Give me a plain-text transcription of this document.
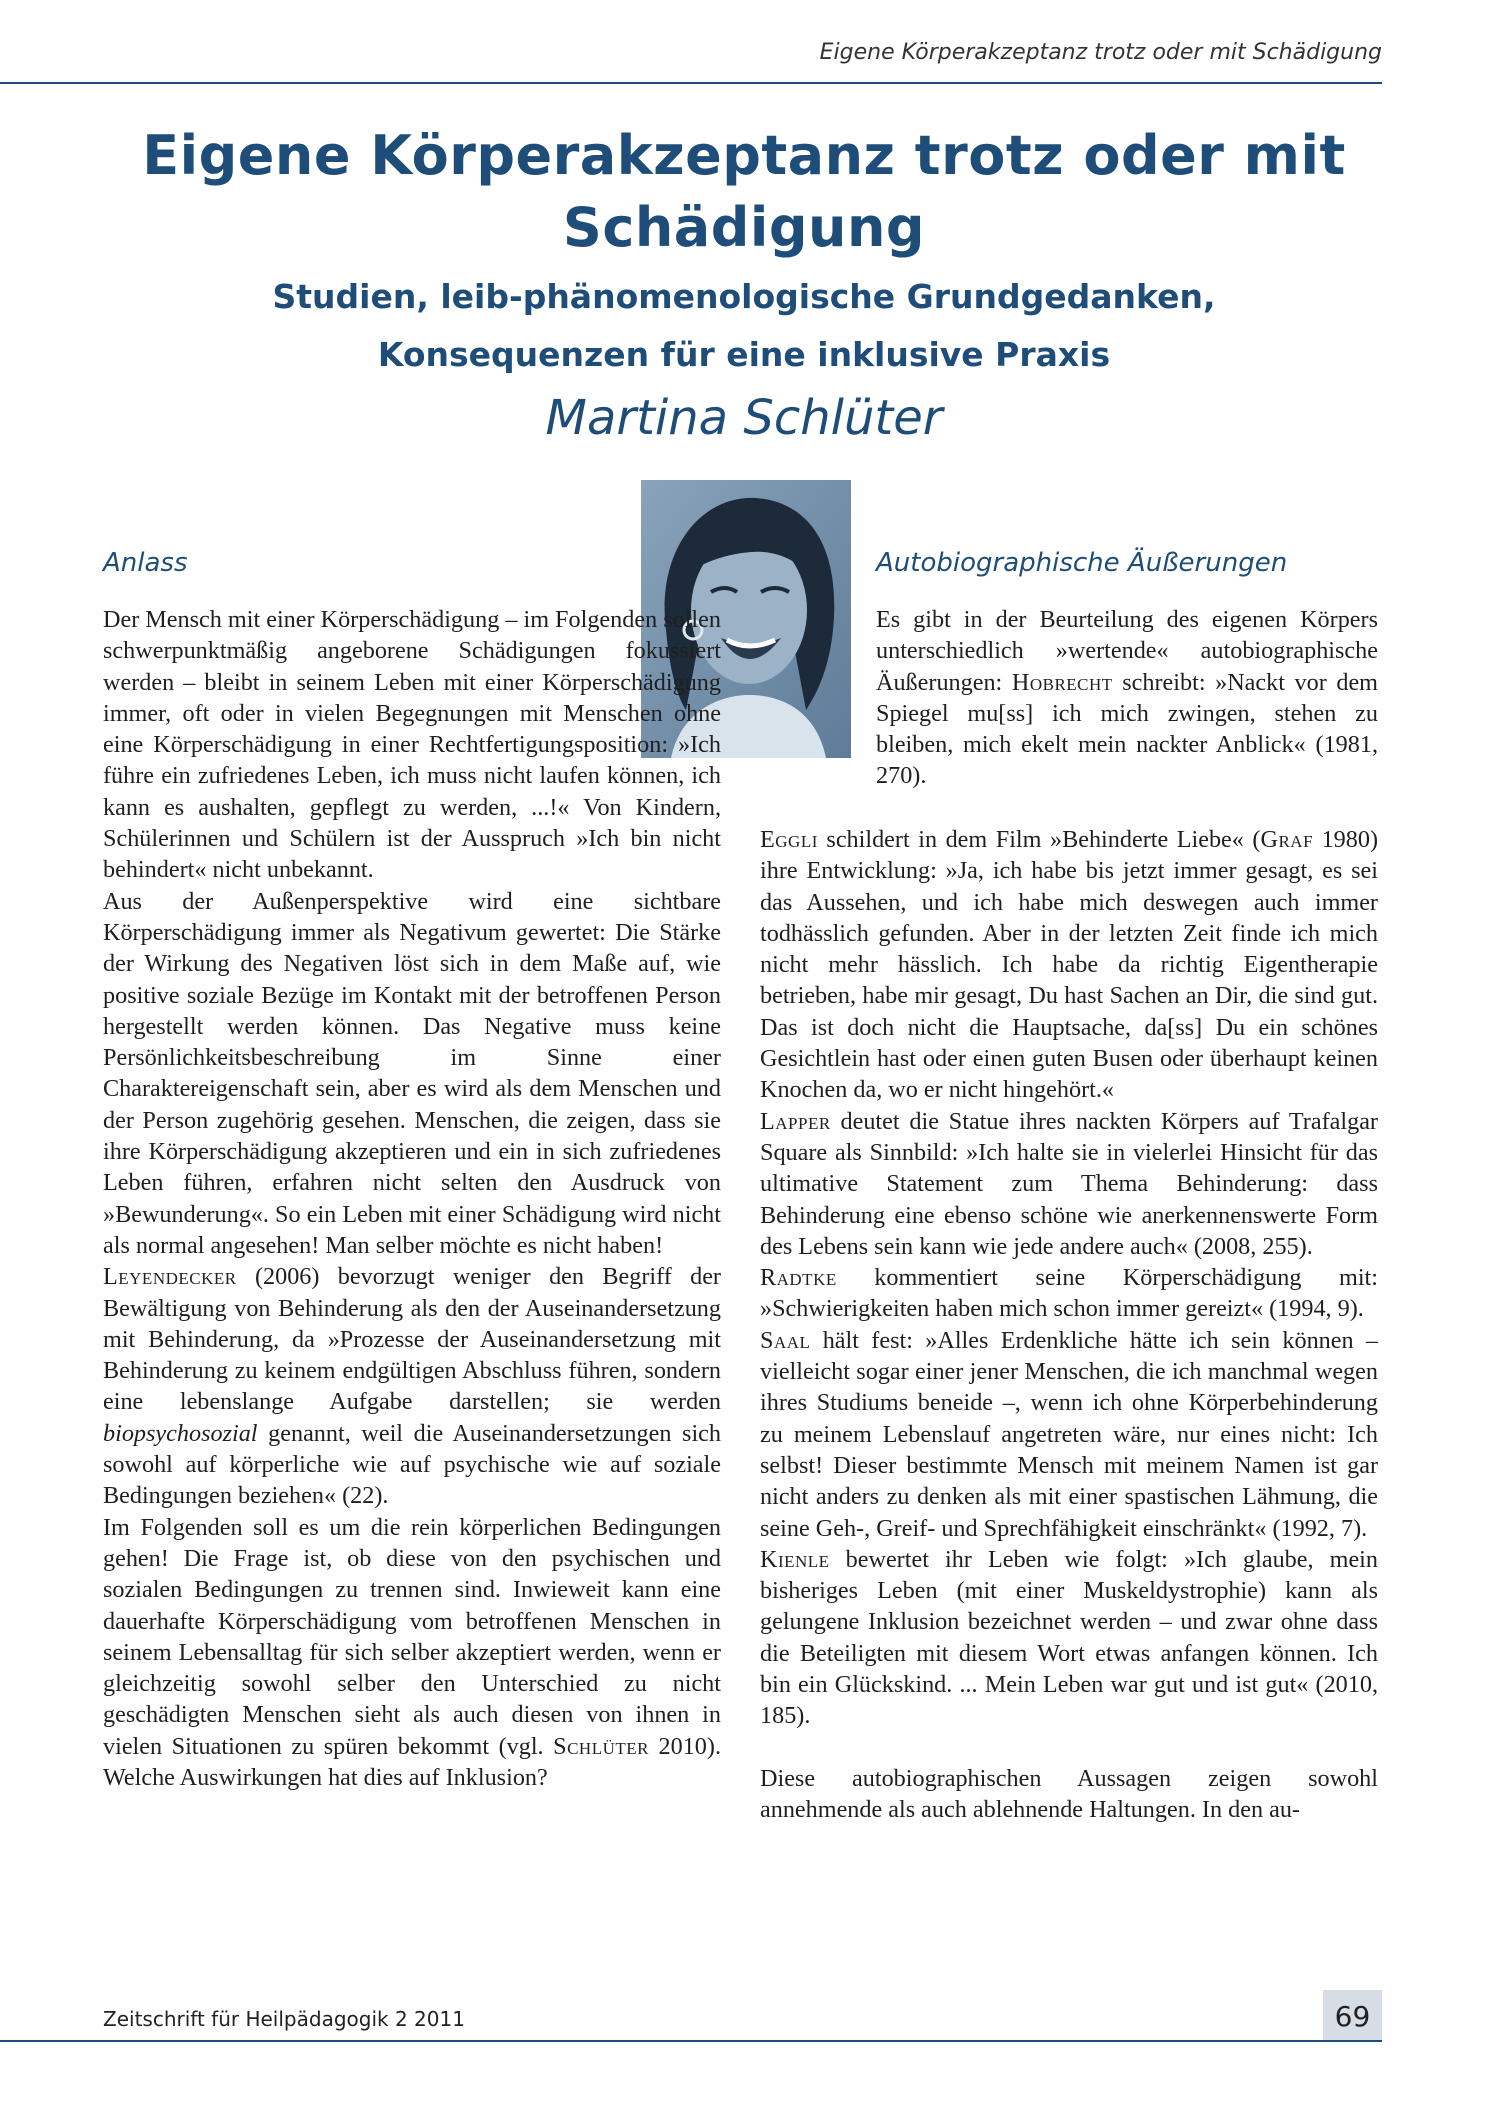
Eigene Körperakzeptanz trotz oder mit Schädigung
Eigene Körperakzeptanz trotz oder mit
Schädigung
Studien, leib-phänomenologische Grundgedanken,
Konsequenzen für eine inklusive Praxis
Martina Schlüter
Anlass	Autobiographische Äußerungen

Der Mensch mit einer Körperschädigung – im Folgenden sollen schwerpunktmäßig angeborene Schädigungen fokussiert werden – bleibt in seinem Leben mit einer Körperschädigung immer, oft oder in vielen Begegnungen mit Menschen ohne eine Körperschädigung in einer Rechtfertigungsposition: »Ich führe ein zufriedenes Leben, ich muss nicht laufen können, ich kann es aushalten, gepflegt zu werden, ...!« Von Kindern, Schülerinnen und Schülern ist der Ausspruch »Ich bin nicht behindert« nicht unbekannt.

Aus der Außenperspektive wird eine sichtbare Körperschädigung immer als Negativum gewertet: Die Stärke der Wirkung des Negativen löst sich in dem Maße auf, wie positive soziale Bezüge im Kontakt mit der betroffenen Person hergestellt werden können. Das Negative muss keine Persönlichkeitsbeschreibung im Sinne einer Charaktereigenschaft sein, aber es wird als dem Menschen und der Person zugehörig gesehen. Menschen, die zeigen, dass sie ihre Körperschädigung akzeptieren und ein in sich zufriedenes Leben führen, erfahren nicht selten den Ausdruck von »Bewunderung«. So ein Leben mit einer Schädigung wird nicht als normal angesehen! Man selber möchte es nicht haben!

Leyendecker (2006) bevorzugt weniger den Begriff der Bewältigung von Behinderung als den der Auseinandersetzung mit Behinderung, da »Prozesse der Auseinandersetzung mit Behinderung zu keinem endgültigen Abschluss führen, sondern eine lebenslange Aufgabe darstellen; sie werden biopsychosozial genannt, weil die Auseinandersetzungen sich sowohl auf körperliche wie auf psychische wie auf soziale Bedingungen beziehen« (22).

Im Folgenden soll es um die rein körperlichen Bedingungen gehen! Die Frage ist, ob diese von den psychischen und sozialen Bedingungen zu trennen sind. Inwieweit kann eine dauerhafte Körperschädigung vom betroffenen Menschen in seinem Lebensalltag für sich selber akzeptiert werden, wenn er gleichzeitig sowohl selber den Unterschied zu nicht geschädigten Menschen sieht als auch diesen von ihnen in vielen Situationen zu spüren bekommt (vgl. Schlüter 2010). Welche Auswirkungen hat dies auf Inklusion?

Es gibt in der Beurteilung des eigenen Körpers unterschiedlich »wertende« autobiographische Äußerungen: Hobrecht schreibt: »Nackt vor dem Spiegel mu[ss] ich mich zwingen, stehen zu bleiben, mich ekelt mein nackter Anblick« (1981, 270).

Eggli schildert in dem Film »Behinderte Liebe« (Graf 1980) ihre Entwicklung: »Ja, ich habe bis jetzt immer gesagt, es sei das Aussehen, und ich habe mich deswegen auch immer todhässlich gefunden. Aber in der letzten Zeit finde ich mich nicht mehr hässlich. Ich habe da richtig Eigentherapie betrieben, habe mir gesagt, Du hast Sachen an Dir, die sind gut. Das ist doch nicht die Hauptsache, da[ss] Du ein schönes Gesichtlein hast oder einen guten Busen oder überhaupt keinen Knochen da, wo er nicht hingehört.«

Lapper deutet die Statue ihres nackten Körpers auf Trafalgar Square als Sinnbild: »Ich halte sie in vielerlei Hinsicht für das ultimative Statement zum Thema Behinderung: dass Behinderung eine ebenso schöne wie anerkennenswerte Form des Lebens sein kann wie jede andere auch« (2008, 255).

Radtke kommentiert seine Körperschädigung mit: »Schwierigkeiten haben mich schon immer gereizt« (1994, 9).

Saal hält fest: »Alles Erdenkliche hätte ich sein können – vielleicht sogar einer jener Menschen, die ich manchmal wegen ihres Studiums beneide –, wenn ich ohne Körperbehinderung zu meinem Lebenslauf angetreten wäre, nur eines nicht: Ich selbst! Dieser bestimmte Mensch mit meinem Namen ist gar nicht anders zu denken als mit einer spastischen Lähmung, die seine Geh-, Greif- und Sprechfähigkeit einschränkt« (1992, 7).

Kienle bewertet ihr Leben wie folgt: »Ich glaube, mein bisheriges Leben (mit einer Muskeldystrophie) kann als gelungene Inklusion bezeichnet werden – und zwar ohne dass die Beteiligten mit diesem Wort etwas anfangen können. Ich bin ein Glückskind. ... Mein Leben war gut und ist gut« (2010, 185).

Diese autobiographischen Aussagen zeigen sowohl annehmende als auch ablehnende Haltungen. In den au-

Zeitschrift für Heilpädagogik 2 2011	69
